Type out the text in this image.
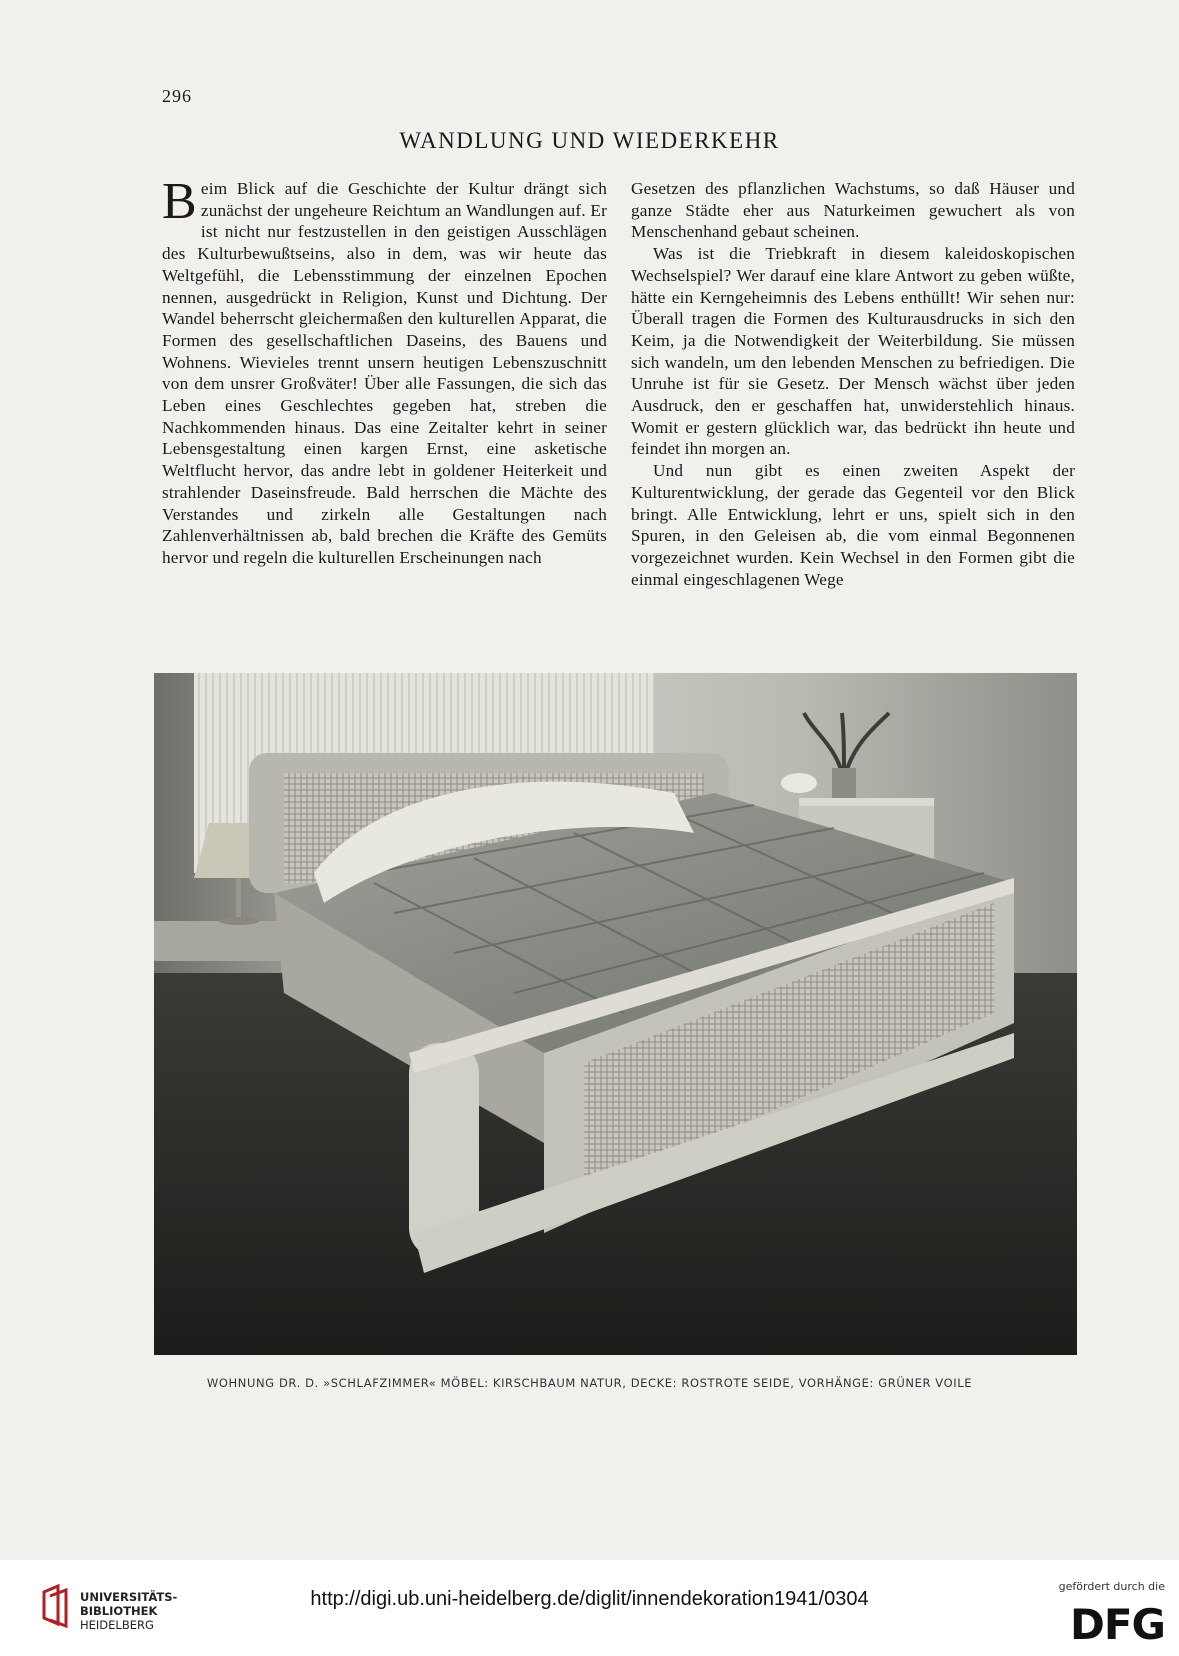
296
WANDLUNG UND WIEDERKEHR

Beim Blick auf die Geschichte der Kultur drängt sich zunächst der ungeheure Reichtum an Wandlungen auf. Er ist nicht nur festzustellen in den geistigen Ausschlägen des Kulturbewußtseins, also in dem, was wir heute das Weltgefühl, die Lebensstimmung der einzelnen Epochen nennen, ausgedrückt in Religion, Kunst und Dichtung. Der Wandel beherrscht gleichermaßen den kulturellen Apparat, die Formen des gesellschaftlichen Daseins, des Bauens und Wohnens. Wievieles trennt unsern heutigen Lebenszuschnitt von dem unsrer Großväter! Über alle Fassungen, die sich das Leben eines Geschlechtes gegeben hat, streben die Nachkommenden hinaus. Das eine Zeitalter kehrt in seiner Lebensgestaltung einen kargen Ernst, eine asketische Weltflucht hervor, das andre lebt in goldener Heiterkeit und strahlender Daseinsfreude. Bald herrschen die Mächte des Verstandes und zirkeln alle Gestaltungen nach Zahlenverhältnissen ab, bald brechen die Kräfte des Gemüts hervor und regeln die kulturellen Erscheinungen nach

Gesetzen des pflanzlichen Wachstums, so daß Häuser und ganze Städte eher aus Naturkeimen gewuchert als von Menschenhand gebaut scheinen.

Was ist die Triebkraft in diesem kaleidoskopischen Wechselspiel? Wer darauf eine klare Antwort zu geben wüßte, hätte ein Kerngeheimnis des Lebens enthüllt! Wir sehen nur: Überall tragen die Formen des Kulturausdrucks in sich den Keim, ja die Notwendigkeit der Weiterbildung. Sie müssen sich wandeln, um den lebenden Menschen zu befriedigen. Die Unruhe ist für sie Gesetz. Der Mensch wächst über jeden Ausdruck, den er geschaffen hat, unwiderstehlich hinaus. Womit er gestern glücklich war, das bedrückt ihn heute und feindet ihn morgen an.

Und nun gibt es einen zweiten Aspekt der Kulturentwicklung, der gerade das Gegenteil vor den Blick bringt. Alle Entwicklung, lehrt er uns, spielt sich in den Spuren, in den Geleisen ab, die vom einmal Begonnenen vorgezeichnet wurden. Kein Wechsel in den Formen gibt die einmal eingeschlagenen Wege

WOHNUNG DR. D. »SCHLAFZIMMER« MÖBEL: KIRSCHBAUM NATUR, DECKE: ROSTROTE SEIDE, VORHÄNGE: GRÜNER VOILE
UNIVERSITÄTS-
BIBLIOTHEK
HEIDELBERG
http://digi.ub.uni-heidelberg.de/diglit/innendekoration1941/0304
gefördert durch die
DFG
